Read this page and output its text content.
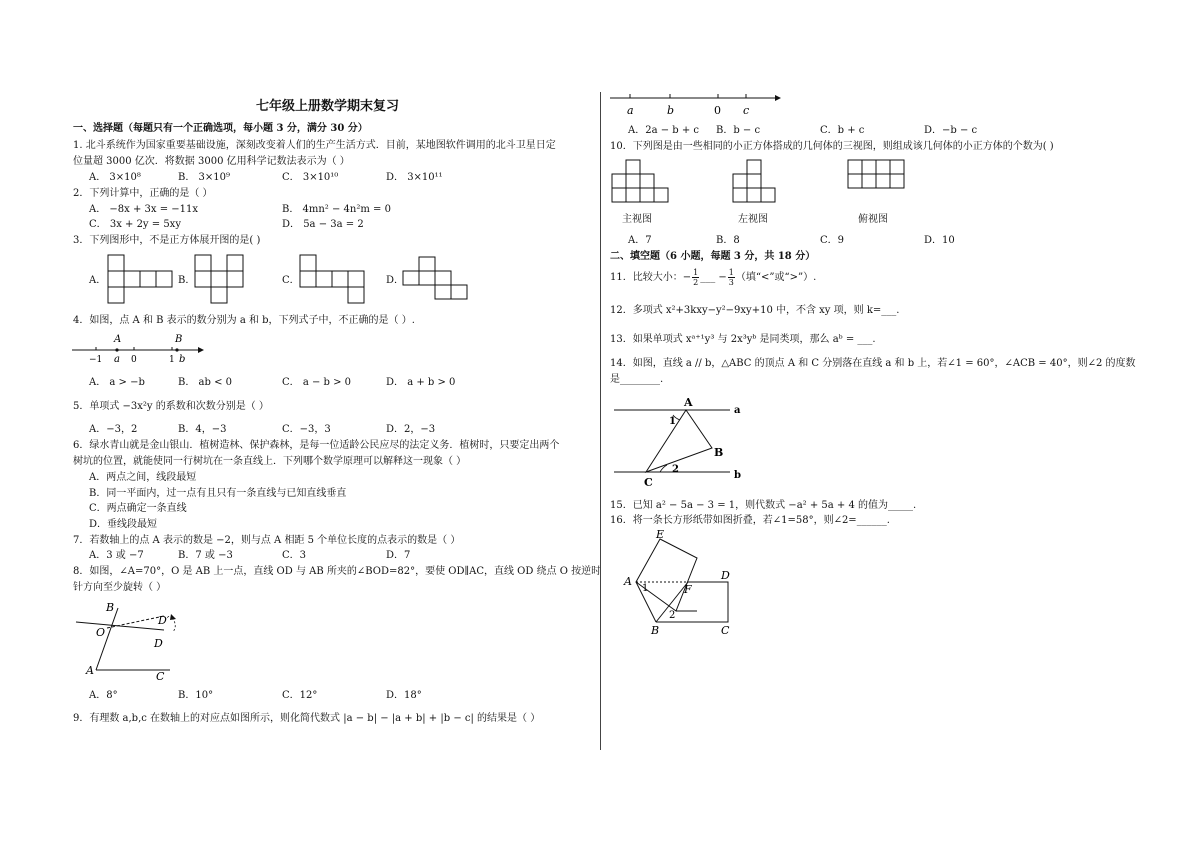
七年级上册数学期末复习
一、选择题（每题只有一个正确选项，每小题 3 分，满分 30 分）
1. 北斗系统作为国家重要基础设施，深刻改变着人们的生产生活方式．目前，某地图软件调用的北斗卫星日定
位量超 3000 亿次．将数据 3000 亿用科学记数法表示为（ ）
A． 3×10⁸	B． 3×10⁹	C． 3×10¹⁰	D． 3×10¹¹
2．下列计算中，正确的是（ ）
A． −8x + 3x = −11x	B． 4mn² − 4n²m = 0
C． 3x + 2y = 5xy	D． 5a − 3a = 2
3．下列图形中，不是正方体展开图的是( )
A．	B．	C．	D．
4．如图，点 A 和 B 表示的数分别为 a 和 b，下列式子中，不正确的是（ ）.
A	B
−1 a 0	1 b
A． a > −b	B． ab < 0	C． a − b > 0	D． a + b > 0
5．单项式 −3x²y 的系数和次数分别是（ ）
A．−3，2	B．4，−3	C．−3，3	D．2，−3
6．绿水青山就是金山银山．植树造林、保护森林，是每一位适龄公民应尽的法定义务．植树时，只要定出两个
树坑的位置，就能使同一行树坑在一条直线上．下列哪个数学原理可以解释这一现象（ ）
A．两点之间，线段最短
B．同一平面内，过一点有且只有一条直线与已知直线垂直
C．两点确定一条直线
D．垂线段最短
7．若数轴上的点 A 表示的数是 −2，则与点 A 相距 5 个单位长度的点表示的数是（ ）
A．3 或 −7	B．7 或 −3	C．3	D．7
8．如图，∠A=70°，O 是 AB 上一点，直线 OD 与 AB 所夹的∠BOD=82°，要使 OD∥AC，直线 OD 绕点 O 按逆时
针方向至少旋转（ ）
B
O
D′
D
A	C
A．8°	B．10°	C．12°	D．18°
9．有理数 a,b,c 在数轴上的对应点如图所示，则化简代数式 |a − b| − |a + b| + |b − c| 的结果是（ ）
a	b	0 c
A．2a − b + c B．b − c	C．b + c	D．−b − c
10．下列图是由一些相同的小正方体搭成的几何体的三视图，则组成该几何体的小正方体的个数为( )
主视图	左视图	俯视图
A．7	B．8	C．9	D．10
二、填空题（6 小题，每题 3 分，共 18 分）
11．比较大小：− $\frac{1}{2}$ ___ − $\frac{1}{3}$ （填“<”或“>”）.
12．多项式 x²+3kxy−y²−9xy+10 中，不含 xy 项，则 k=___.
13．如果单项式 xᵃ⁺¹y³ 与 2x³yᵇ 是同类项，那么 aᵇ = ___.
14．如图，直线 a // b，△ABC 的顶点 A 和 C 分别落在直线 a 和 b 上，若∠1 = 60°，∠ACB = 40°，则∠2 的度数
是________.
A
a
1
B
2
b
C
15．已知 a² − 5a − 3 = 1，则代数式 −a² + 5a + 4 的值为_____.
16．将一条长方形纸带如图折叠，若∠1=58°，则∠2=______.
E
A
1	F
D
B
2
C
